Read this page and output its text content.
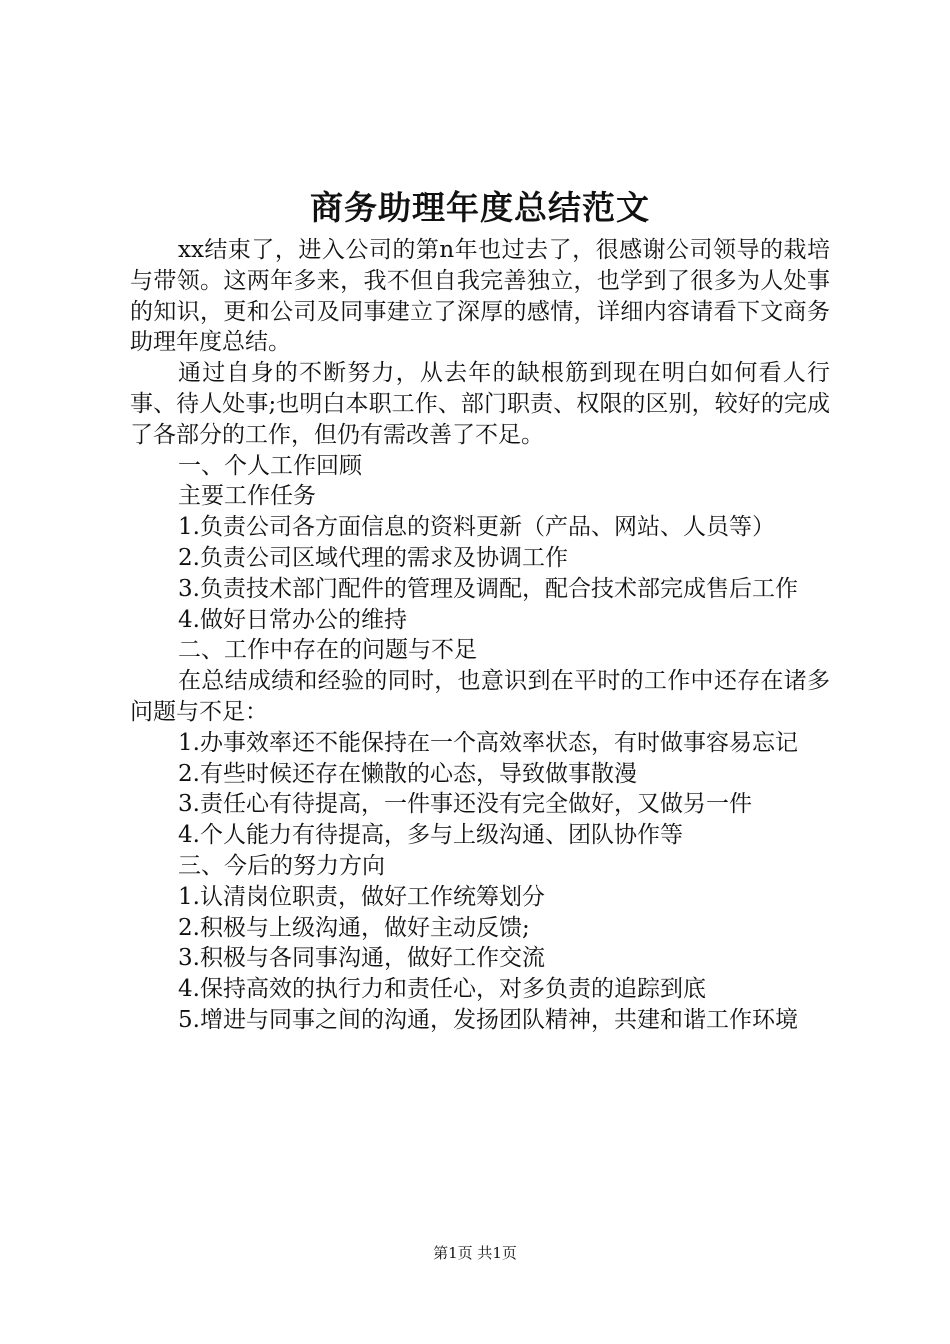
商务助理年度总结范文

xx结束了，进入公司的第n年也过去了，很感谢公司领导的栽培与带领。这两年多来，我不但自我完善独立，也学到了很多为人处事的知识，更和公司及同事建立了深厚的感情，详细内容请看下文商务助理年度总结。

通过自身的不断努力，从去年的缺根筋到现在明白如何看人行事、待人处事;也明白本职工作、部门职责、权限的区别，较好的完成了各部分的工作，但仍有需改善了不足。

一、个人工作回顾

主要工作任务

1.负责公司各方面信息的资料更新（产品、网站、人员等）

2.负责公司区域代理的需求及协调工作

3.负责技术部门配件的管理及调配，配合技术部完成售后工作

4.做好日常办公的维持

二、工作中存在的问题与不足

在总结成绩和经验的同时，也意识到在平时的工作中还存在诸多问题与不足：

1.办事效率还不能保持在一个高效率状态，有时做事容易忘记

2.有些时候还存在懒散的心态，导致做事散漫

3.责任心有待提高，一件事还没有完全做好，又做另一件

4.个人能力有待提高，多与上级沟通、团队协作等

三、今后的努力方向

1.认清岗位职责，做好工作统筹划分

2.积极与上级沟通，做好主动反馈;

3.积极与各同事沟通，做好工作交流

4.保持高效的执行力和责任心，对多负责的追踪到底

5.增进与同事之间的沟通，发扬团队精神，共建和谐工作环境

第1页 共1页
